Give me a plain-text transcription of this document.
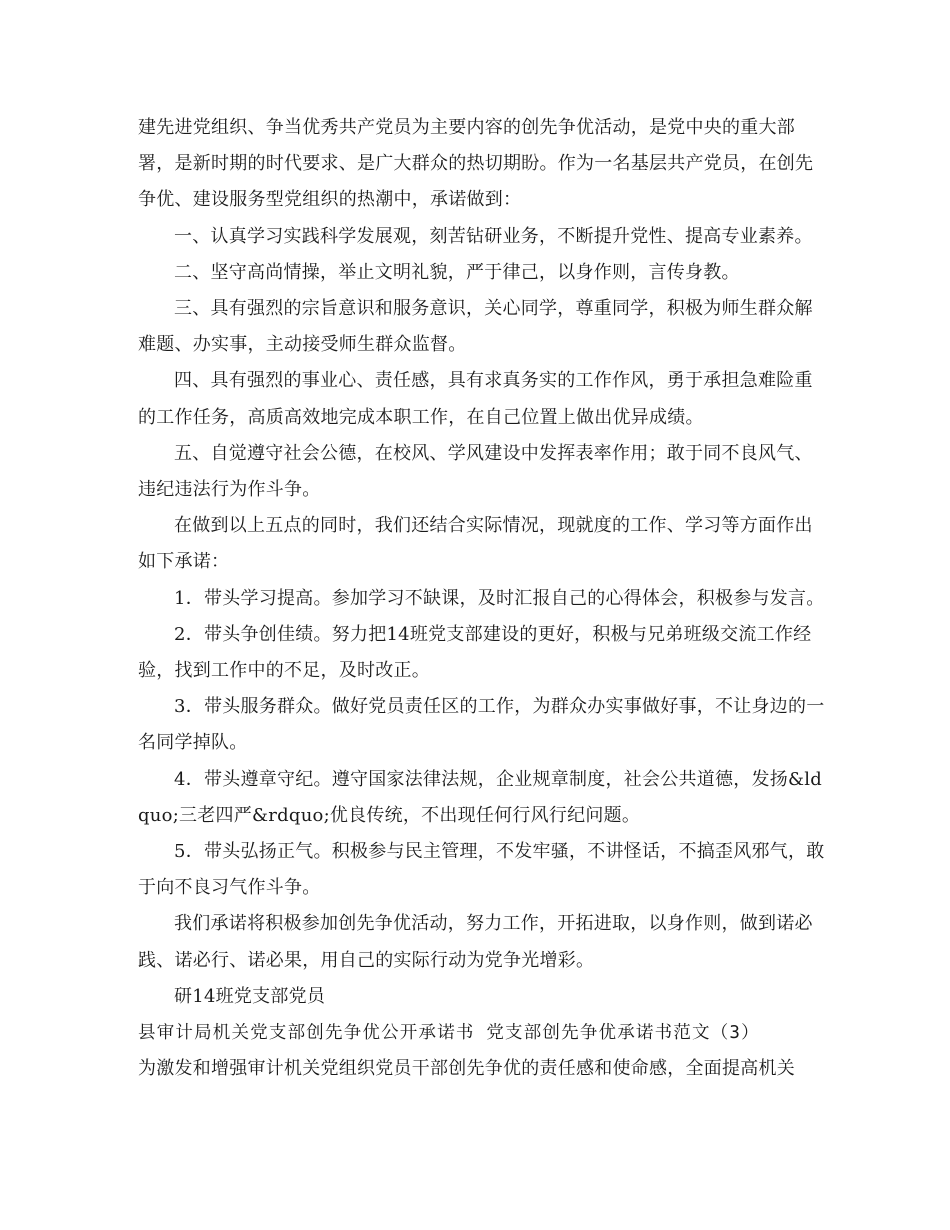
建先进党组织、争当优秀共产党员为主要内容的创先争优活动，是党中央的重大部署，是新时期的时代要求、是广大群众的热切期盼。作为一名基层共产党员，在创先争优、建设服务型党组织的热潮中，承诺做到：

一、认真学习实践科学发展观，刻苦钻研业务，不断提升党性、提高专业素养。

二、坚守高尚情操，举止文明礼貌，严于律己，以身作则，言传身教。

三、具有强烈的宗旨意识和服务意识，关心同学，尊重同学，积极为师生群众解难题、办实事，主动接受师生群众监督。

四、具有强烈的事业心、责任感，具有求真务实的工作作风，勇于承担急难险重的工作任务，高质高效地完成本职工作，在自己位置上做出优异成绩。

五、自觉遵守社会公德，在校风、学风建设中发挥表率作用；敢于同不良风气、违纪违法行为作斗争。

在做到以上五点的同时，我们还结合实际情况，现就度的工作、学习等方面作出如下承诺：

1．带头学习提高。参加学习不缺课，及时汇报自己的心得体会，积极参与发言。

2．带头争创佳绩。努力把14班党支部建设的更好，积极与兄弟班级交流工作经验，找到工作中的不足，及时改正。

3．带头服务群众。做好党员责任区的工作，为群众办实事做好事，不让身边的一名同学掉队。

4．带头遵章守纪。遵守国家法律法规，企业规章制度，社会公共道德，发扬&ldquo;三老四严&rdquo;优良传统，不出现任何行风行纪问题。

5．带头弘扬正气。积极参与民主管理，不发牢骚，不讲怪话，不搞歪风邪气，敢于向不良习气作斗争。

我们承诺将积极参加创先争优活动，努力工作，开拓进取，以身作则，做到诺必践、诺必行、诺必果，用自己的实际行动为党争光增彩。

研14班党支部党员

县审计局机关党支部创先争优公开承诺书 党支部创先争优承诺书范文（3）

为激发和增强审计机关党组织党员干部创先争优的责任感和使命感，全面提高机关
